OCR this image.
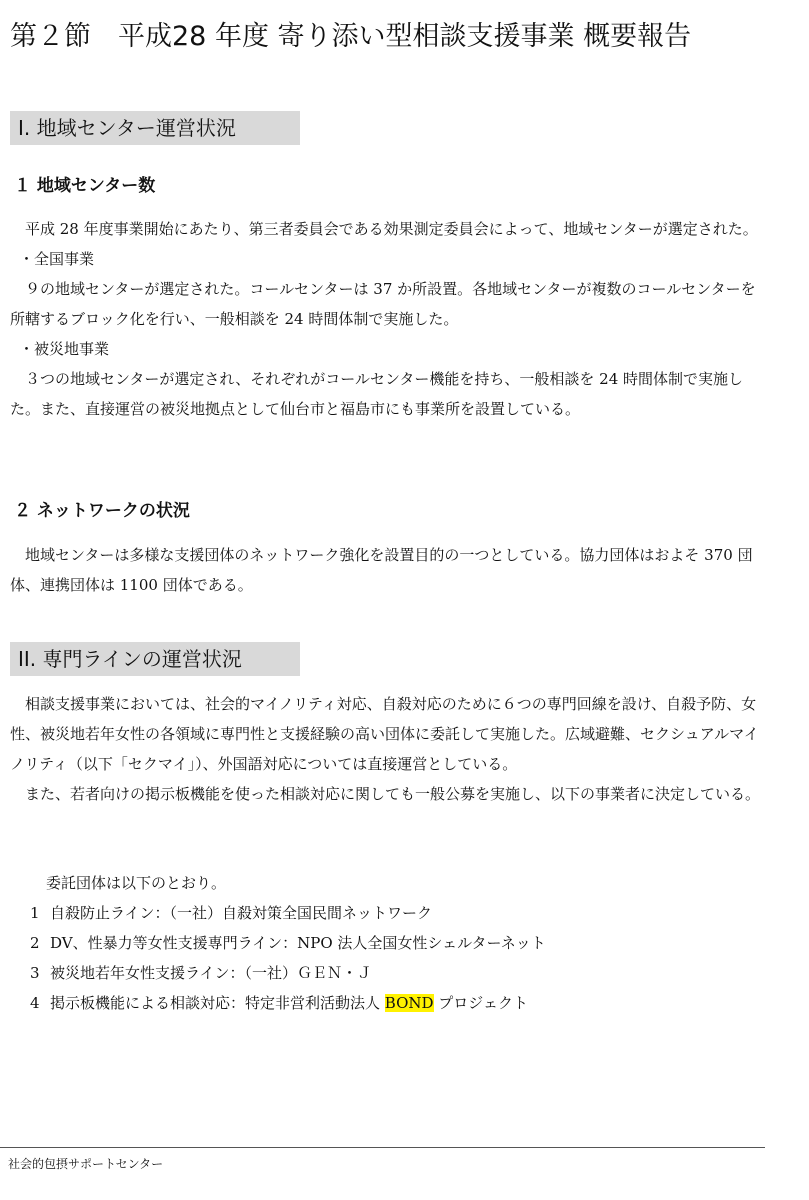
第２節　平成28 年度 寄り添い型相談支援事業 概要報告
I. 地域センター運営状況
１ 地域センター数

平成 28 年度事業開始にあたり、第三者委員会である効果測定委員会によって、地域センターが選定された。

・ 全国事業

９の地域センターが選定された。コールセンターは 37 か所設置。各地域センターが複数のコールセンターを所轄するブロック化を行い、一般相談を 24 時間体制で実施した。

・ 被災地事業

３つの地域センターが選定され、それぞれがコールセンター機能を持ち、一般相談を 24 時間体制で実施した。また、直接運営の被災地拠点として仙台市と福島市にも事業所を設置している。

２ ネットワークの状況

地域センターは多様な支援団体のネットワーク強化を設置目的の一つとしている。協力団体はおよそ 370 団体、連携団体は 1100 団体である。

II. 専門ラインの運営状況

相談支援事業においては、社会的マイノリティ対応、自殺対応のために６つの専門回線を設け、自殺予防、女性、被災地若年女性の各領域に専門性と支援経験の高い団体に委託して実施した。広域避難、セクシュアルマイノリティ（以下「セクマイ」）、外国語対応については直接運営としている。

また、若者向けの掲示板機能を使った相談対応に関しても一般公募を実施し、以下の事業者に決定している。

委託団体は以下のとおり。

1 自殺防止ライン：（一社）自殺対策全国民間ネットワーク

2 DV、性暴力等女性支援専門ライン：NPO 法人全国女性シェルターネット

3 被災地若年女性支援ライン：（一社）ＧＥＮ・Ｊ

4 掲示板機能による相談対応：特定非営利活動法人 BOND プロジェクト

社会的包摂サポートセンター
